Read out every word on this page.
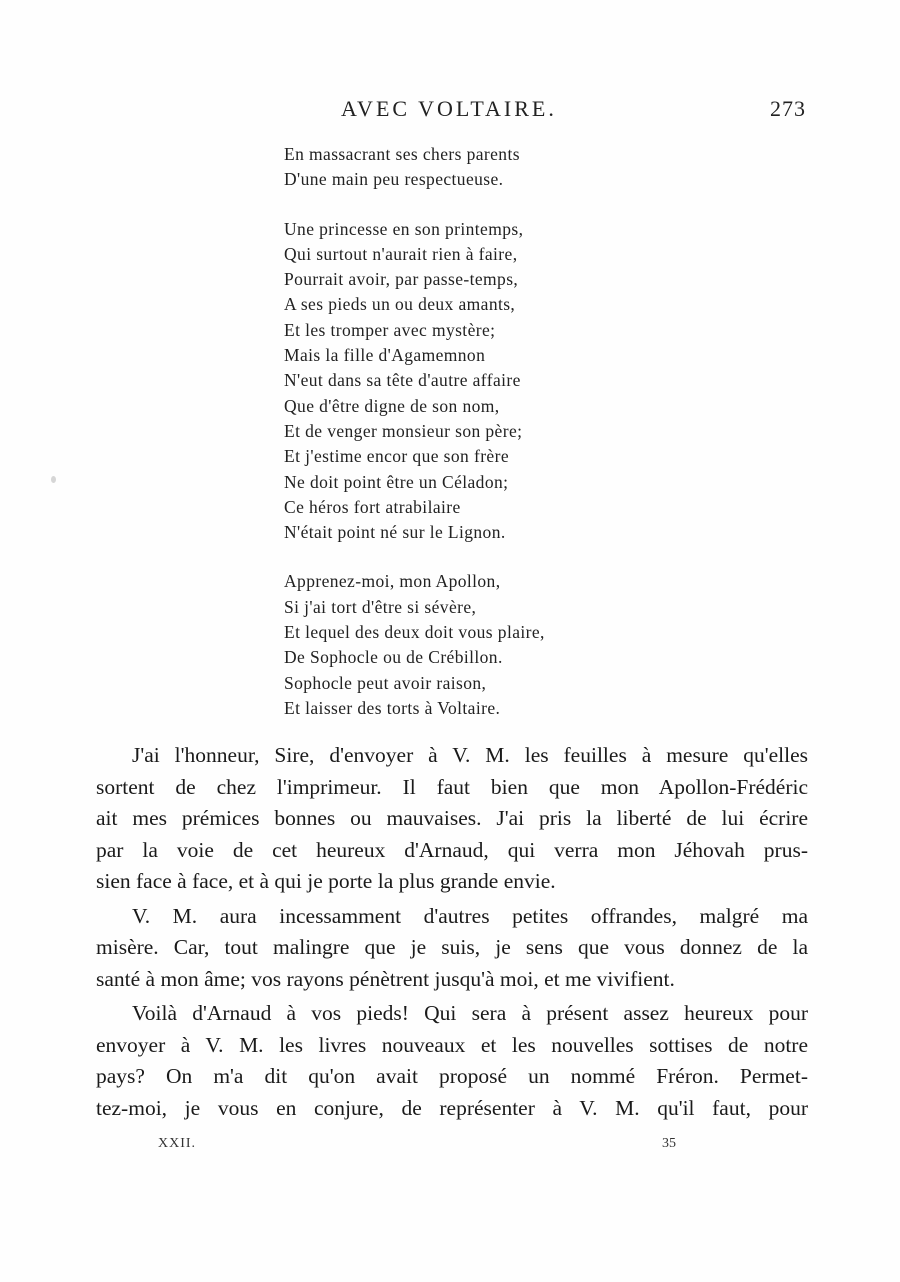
AVEC VOLTAIRE.	273

En massacrant ses chers parents
D'une main peu respectueuse.

Une princesse en son printemps,
Qui surtout n'aurait rien à faire,
Pourrait avoir, par passe-temps,
A ses pieds un ou deux amants,
Et les tromper avec mystère;
Mais la fille d'Agamemnon
N'eut dans sa tête d'autre affaire
Que d'être digne de son nom,
Et de venger monsieur son père;
Et j'estime encor que son frère
Ne doit point être un Céladon;
Ce héros fort atrabilaire
N'était point né sur le Lignon.

Apprenez-moi, mon Apollon,
Si j'ai tort d'être si sévère,
Et lequel des deux doit vous plaire,
De Sophocle ou de Crébillon.
Sophocle peut avoir raison,
Et laisser des torts à Voltaire.

J'ai l'honneur, Sire, d'envoyer à V. M. les feuilles à mesure qu'elles
sortent de chez l'imprimeur. Il faut bien que mon Apollon-Frédéric
ait mes prémices bonnes ou mauvaises. J'ai pris la liberté de lui écrire
par la voie de cet heureux d'Arnaud, qui verra mon Jéhovah prus-
sien face à face, et à qui je porte la plus grande envie.
V. M. aura incessamment d'autres petites offrandes, malgré ma
misère. Car, tout malingre que je suis, je sens que vous donnez de la
santé à mon âme; vos rayons pénètrent jusqu'à moi, et me vivifient.
Voilà d'Arnaud à vos pieds! Qui sera à présent assez heureux pour
envoyer à V. M. les livres nouveaux et les nouvelles sottises de notre
pays? On m'a dit qu'on avait proposé un nommé Fréron. Permet-
tez-moi, je vous en conjure, de représenter à V. M. qu'il faut, pour
XXII.	35
